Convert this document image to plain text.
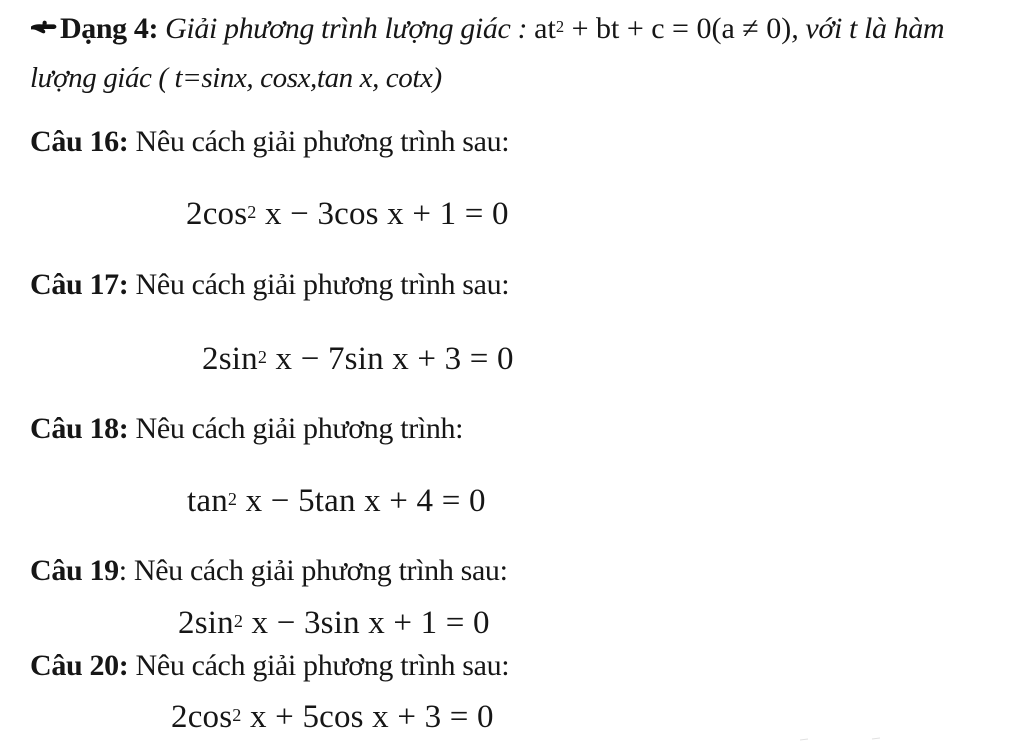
Dạng 4: Giải phương trình lượng giác : $at^2$ + bt + c = 0(a ≠ 0), với t là hàm
lượng giác ( t=sinx, cosx,tan x, cotx)
Câu 16: Nêu cách giải phương trình sau:
$2\cos^2$ x − 3cos x + 1 = 0
Câu 17: Nêu cách giải phương trình sau:
$2\sin^2$ x − 7sin x + 3 = 0
Câu 18: Nêu cách giải phương trình:
$\tan^2 x - 5\tan$ x + 4 = 0
Câu 19: Nêu cách giải phương trình sau:
$2\sin^2$ x − 3sin x + 1 = 0
Câu 20: Nêu cách giải phương trình sau:
$2\cos^2$ x + 5cos x + 3 = 0
